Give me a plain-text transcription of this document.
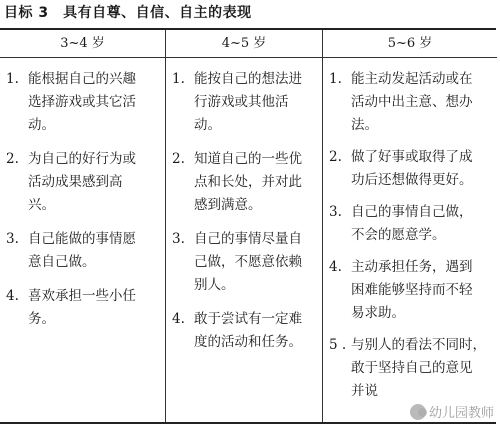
目标 3　具有自尊、自信、自主的表现
3~4 岁
1. 能根据自己的兴趣
选择游戏或其它活
动。
2. 为自己的好行为或
活动成果感到高
兴。
3. 自己能做的事情愿
意自己做。
4. 喜欢承担一些小任
务。
4~5 岁
1. 能按自己的想法进
行游戏或其他活
动。
2. 知道自己的一些优
点和长处，并对此
感到满意。
3. 自己的事情尽量自
己做，不愿意依赖
别人。
4. 敢于尝试有一定难
度的活动和任务。
5~6 岁
1. 能主动发起活动或在
活动中出主意、想办
法。
2. 做了好事或取得了成
功后还想做得更好。
3. 自己的事情自己做，
不会的愿意学。
4. 主动承担任务，遇到
困难能够坚持而不轻
易求助。
5 . 与别人的看法不同时，
敢于坚持自己的意见
并说
幼儿园教师
